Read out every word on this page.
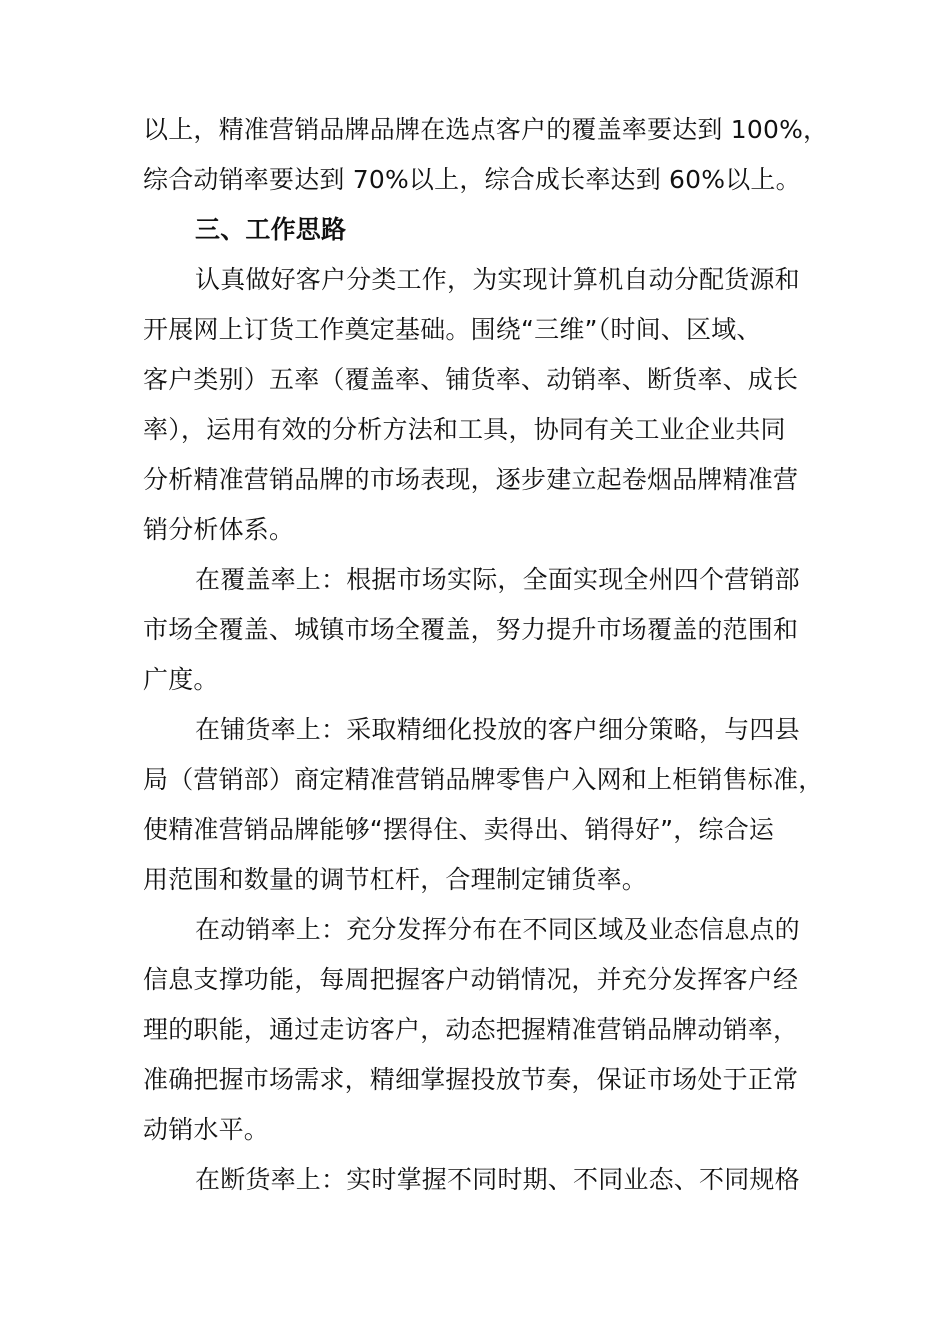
以上，精准营销品牌品牌在选点客户的覆盖率要达到 100%，
综合动销率要达到 70%以上，综合成长率达到 60%以上。
三、工作思路
认真做好客户分类工作，为实现计算机自动分配货源和
开展网上订货工作奠定基础。围绕“三维”（时间、区域、
客户类别）五率（覆盖率、铺货率、动销率、断货率、成长
率），运用有效的分析方法和工具，协同有关工业企业共同
分析精准营销品牌的市场表现，逐步建立起卷烟品牌精准营
销分析体系。
在覆盖率上：根据市场实际，全面实现全州四个营销部
市场全覆盖、城镇市场全覆盖，努力提升市场覆盖的范围和
广度。
在铺货率上：采取精细化投放的客户细分策略，与四县
局（营销部）商定精准营销品牌零售户入网和上柜销售标准，
使精准营销品牌能够“摆得住、卖得出、销得好”，综合运
用范围和数量的调节杠杆，合理制定铺货率。
在动销率上：充分发挥分布在不同区域及业态信息点的
信息支撑功能，每周把握客户动销情况，并充分发挥客户经
理的职能，通过走访客户，动态把握精准营销品牌动销率，
准确把握市场需求，精细掌握投放节奏，保证市场处于正常
动销水平。
在断货率上：实时掌握不同时期、不同业态、不同规格
